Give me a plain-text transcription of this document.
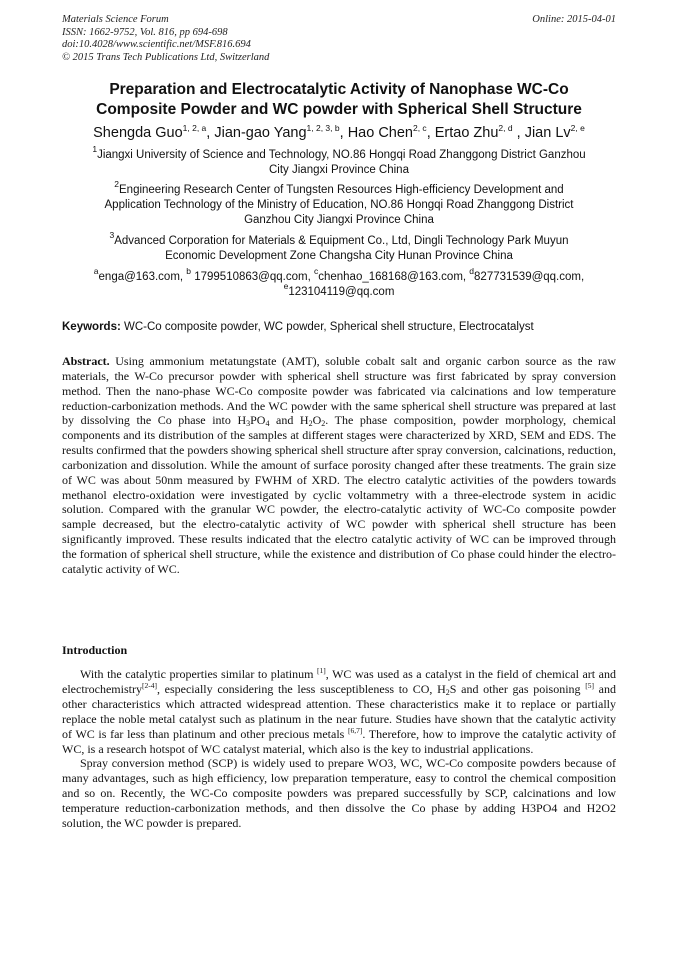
Materials Science Forum
ISSN: 1662-9752, Vol. 816, pp 694-698
doi:10.4028/www.scientific.net/MSF.816.694
© 2015 Trans Tech Publications Ltd, Switzerland
Online: 2015-04-01
Preparation and Electrocatalytic Activity of Nanophase WC-Co
Composite Powder and WC powder with Spherical Shell Structure
Shengda Guo$^{1, 2, a}$, Jian-gao Yang$^{1, 2, 3, b}$, Hao Chen$^{2, c}$, Ertao Zhu$^{2, d}$ , Jian Lv$^{2, e}$
$^1$Jiangxi University of Science and Technology, NO.86 Hongqi Road Zhanggong District Ganzhou
City Jiangxi Province China
$^2$Engineering Research Center of Tungsten Resources High-efficiency Development and
Application Technology of the Ministry of Education, NO.86 Hongqi Road Zhanggong District
Ganzhou City Jiangxi Province China
$^3$Advanced Corporation for Materials & Equipment Co., Ltd, Dingli Technology Park Muyun
Economic Development Zone Changsha City Hunan Province China
$^a$enga@163.com, $^b$ 1799510863@qq.com, $^c$chenhao_168168@163.com, $^d$827731539@qq.com,
$^e$123104119@qq.com
Keywords: WC-Co composite powder, WC powder, Spherical shell structure, Electrocatalyst
Abstract. Using ammonium metatungstate (AMT), soluble cobalt salt and organic carbon source as the raw materials, the W-Co precursor powder with spherical shell structure was first fabricated by spray conversion method. Then the nano-phase WC-Co composite powder was fabricated via calcinations and low temperature reduction-carbonization methods. And the WC powder with the same spherical shell structure was prepared at last by dissolving the Co phase into $H_3PO_4$ and $H_2O_2$. The phase composition, powder morphology, chemical components and its distribution of the samples at different stages were characterized by XRD, SEM and EDS. The results confirmed that the powders showing spherical shell structure after spray conversion, calcinations, reduction, carbonization and dissolution. While the amount of surface porosity changed after these treatments. The grain size of WC was about 50nm measured by FWHM of XRD. The electro catalytic activities of the powders towards methanol electro-oxidation were investigated by cyclic voltammetry with a three-electrode system in acidic solution. Compared with the granular WC powder, the electro-catalytic activity of WC-Co composite powder sample decreased, but the electro-catalytic activity of WC powder with spherical shell structure has been significantly improved. These results indicated that the electro catalytic activity of WC can be improved through the formation of spherical shell structure, while the existence and distribution of Co phase could hinder the electro-catalytic activity of WC.
Introduction

With the catalytic properties similar to platinum [1], WC was used as a catalyst in the field of chemical art and electrochemistry[2-4], especially considering the less susceptibleness to CO, $H_2S$ and other gas poisoning [5] and other characteristics which attracted widespread attention. These characteristics make it to replace or partially replace the noble metal catalyst such as platinum in the near future. Studies have shown that the catalytic activity of WC is far less than platinum and other precious metals [6,7]. Therefore, how to improve the catalytic activity of WC, is a research hotspot of WC catalyst material, which also is the key to industrial applications.

Spray conversion method (SCP) is widely used to prepare WO3, WC, WC-Co composite powders because of many advantages, such as high efficiency, low preparation temperature, easy to control the chemical composition and so on. Recently, the WC-Co composite powders was prepared successfully by SCP, calcinations and low temperature reduction-carbonization methods, and then dissolve the Co phase by adding H3PO4 and H2O2 solution, the WC powder is prepared.
